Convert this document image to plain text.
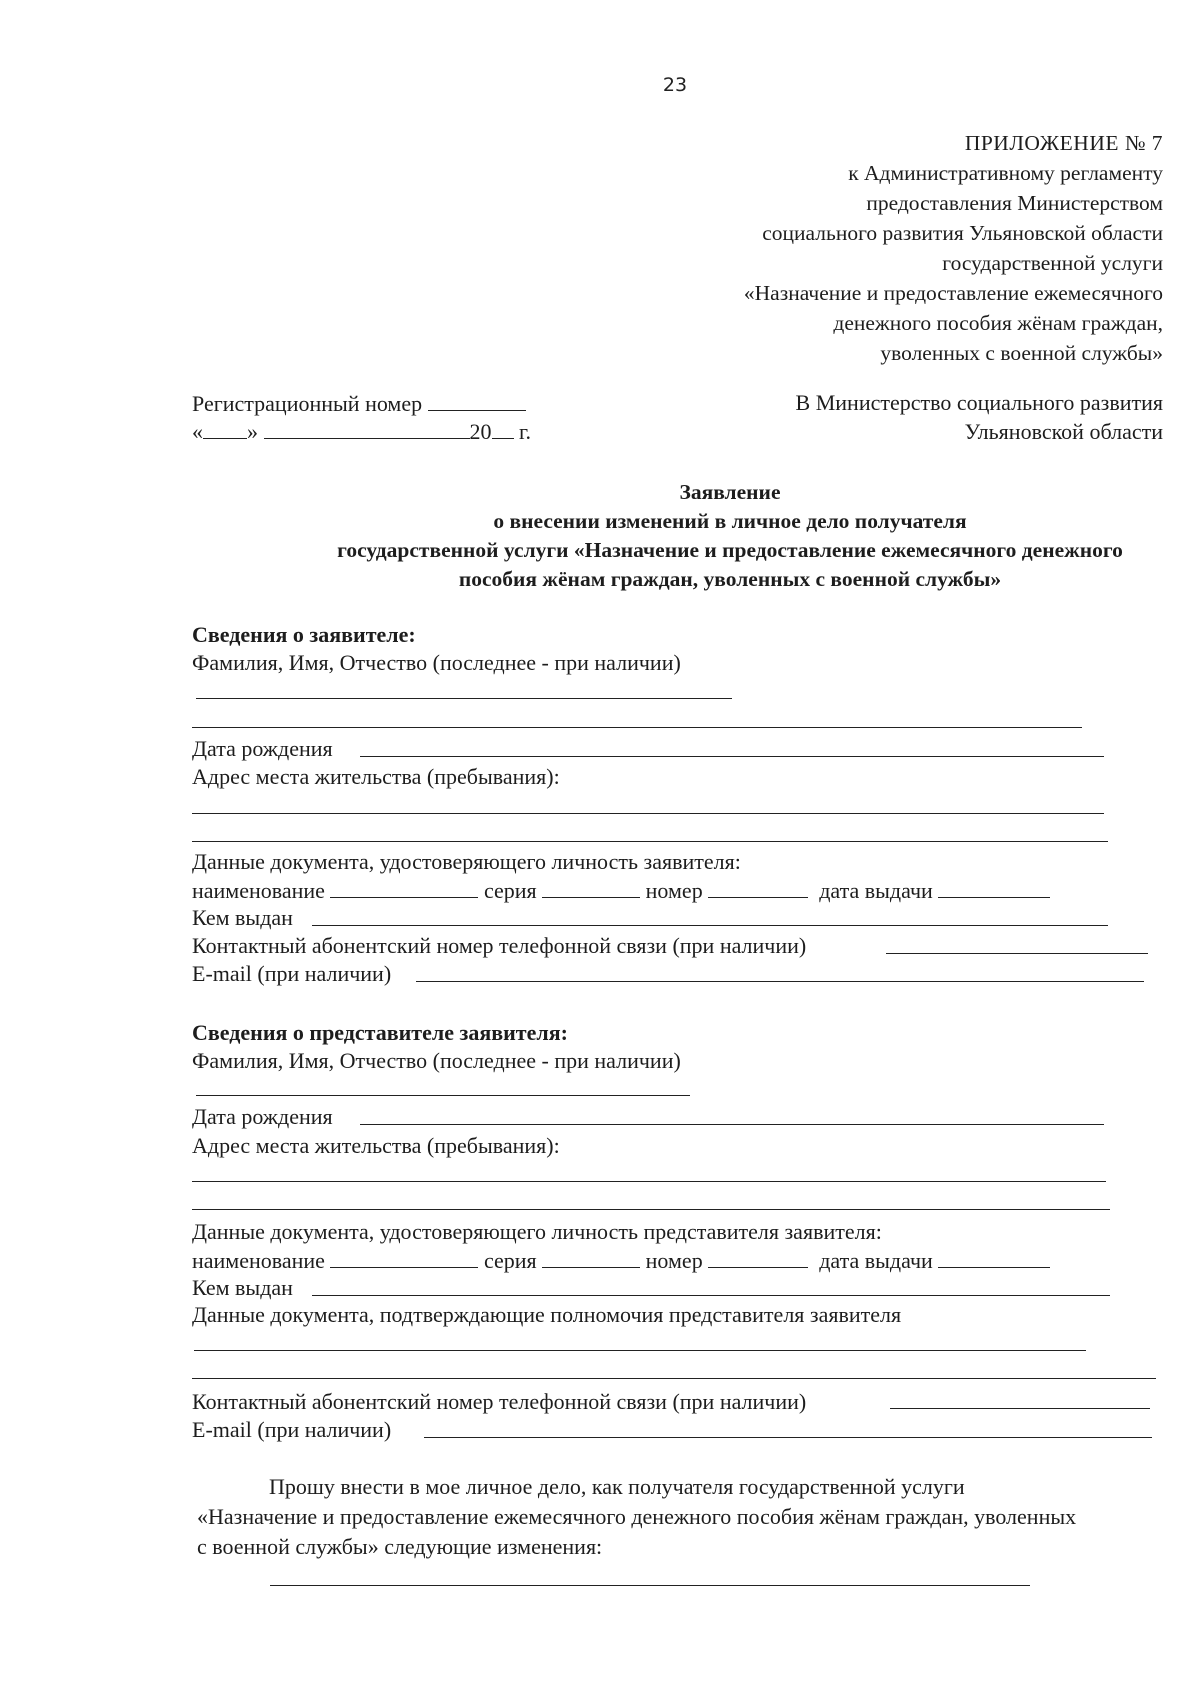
23
ПРИЛОЖЕНИЕ № 7
к Административному регламенту
предоставления Министерством
социального развития Ульяновской области
государственной услуги
«Назначение и предоставление ежемесячного
денежного пособия жёнам граждан,
уволенных с военной службы»
Регистрационный номер
« »	20 г.
В Министерство социального развития
Ульяновской области
Заявление
о внесении изменений в личное дело получателя
государственной услуги «Назначение и предоставление ежемесячного денежного
пособия жёнам граждан, уволенных с военной службы»
Сведения о заявителе:
Фамилия, Имя, Отчество (последнее - при наличии)
Дата рождения
Адрес места жительства (пребывания):
Данные документа, удостоверяющего личность заявителя:
наименование	серия	номер	дата выдачи
Кем выдан
Контактный абонентский номер телефонной связи (при наличии)
E-mail (при наличии)
Сведения о представителе заявителя:
Фамилия, Имя, Отчество (последнее - при наличии)
Дата рождения
Адрес места жительства (пребывания):
Данные документа, удостоверяющего личность представителя заявителя:
наименование	серия	номер	дата выдачи
Кем выдан
Данные документа, подтверждающие полномочия представителя заявителя
Контактный абонентский номер телефонной связи (при наличии)
E-mail (при наличии)
Прошу внести в мое личное дело, как получателя государственной услуги
«Назначение и предоставление ежемесячного денежного пособия жёнам граждан, уволенных
с военной службы» следующие изменения:
